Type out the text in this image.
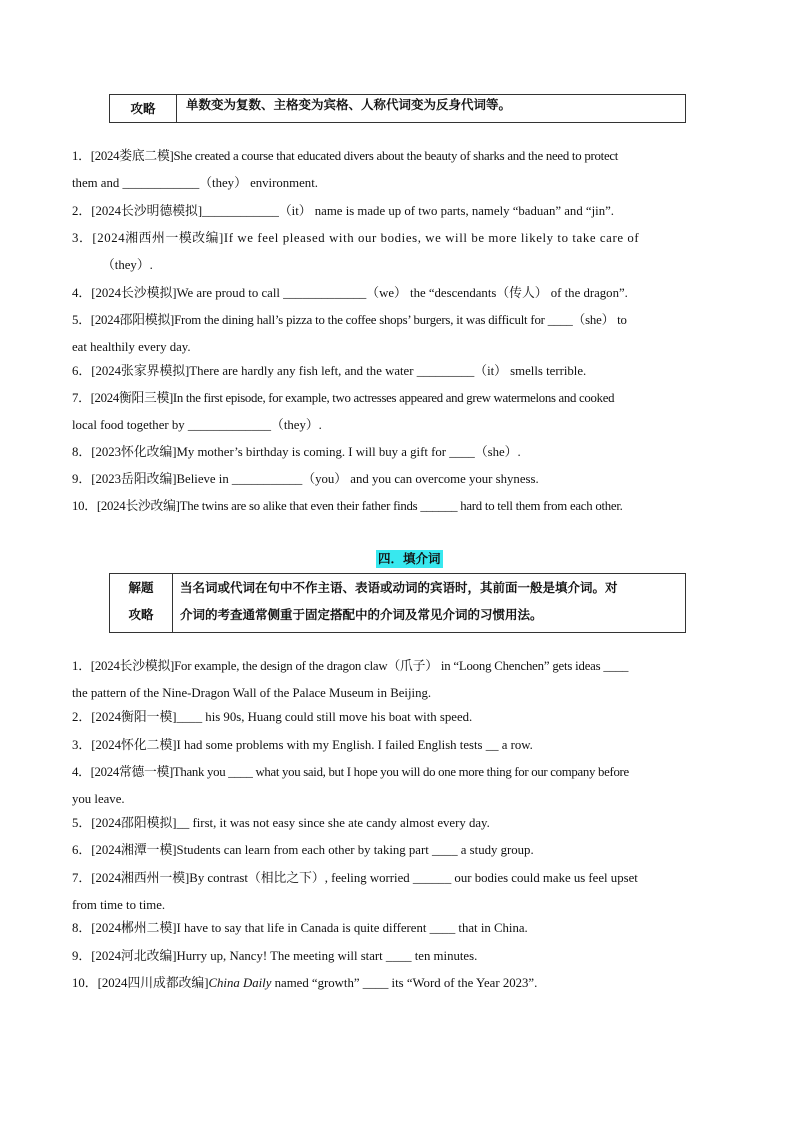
攻略	单数变为复数、主格变为宾格、人称代词变为反身代词等。
1．[2024娄底二模]She created a course that educated divers about the beauty of sharks and the need to protect
them and ____________（they） environment.
2．[2024长沙明德模拟]____________（it） name is made up of two parts, namely “baduan” and “jin”.
3．[2024湘西州一模改编]If we feel pleased with our bodies, we will be more likely to take care of
（they）.
4．[2024长沙模拟]We are proud to call _____________（we） the “descendants（传人） of the dragon”.
5．[2024邵阳模拟]From the dining hall’s pizza to the coffee shops’ burgers, it was difficult for ____（she） to
eat healthily every day.
6．[2024张家界模拟]There are hardly any fish left, and the water _________（it） smells terrible.
7．[2024衡阳三模]In the first episode, for example, two actresses appeared and grew watermelons and cooked
local food together by _____________（they）.
8．[2023怀化改编]My mother’s birthday is coming. I will buy a gift for ____（she）.
9．[2023岳阳改编]Believe in ___________（you） and you can overcome your shyness.
10．[2024长沙改编]The twins are so alike that even their father finds ______ hard to tell them from each other.
四．填介词
解题
攻略
当名词或代词在句中不作主语、表语或动词的宾语时，其前面一般是填介词。对
介词的考查通常侧重于固定搭配中的介词及常见介词的习惯用法。
1．[2024长沙模拟]For example, the design of the dragon claw（爪子） in “Loong Chenchen” gets ideas ____
the pattern of the Nine-Dragon Wall of the Palace Museum in Beijing.
2．[2024衡阳一模]____ his 90s, Huang could still move his boat with speed.
3．[2024怀化二模]I had some problems with my English. I failed English tests __ a row.
4．[2024常德一模]Thank you ____ what you said, but I hope you will do one more thing for our company before
you leave.
5．[2024邵阳模拟]__ first, it was not easy since she ate candy almost every day.
6．[2024湘潭一模]Students can learn from each other by taking part ____ a study group.
7．[2024湘西州一模]By contrast（相比之下）, feeling worried ______ our bodies could make us feel upset
from time to time.
8．[2024郴州二模]I have to say that life in Canada is quite different ____ that in China.
9．[2024河北改编]Hurry up, Nancy! The meeting will start ____ ten minutes.
10．[2024四川成都改编]China Daily named “growth” ____ its “Word of the Year 2023”.
